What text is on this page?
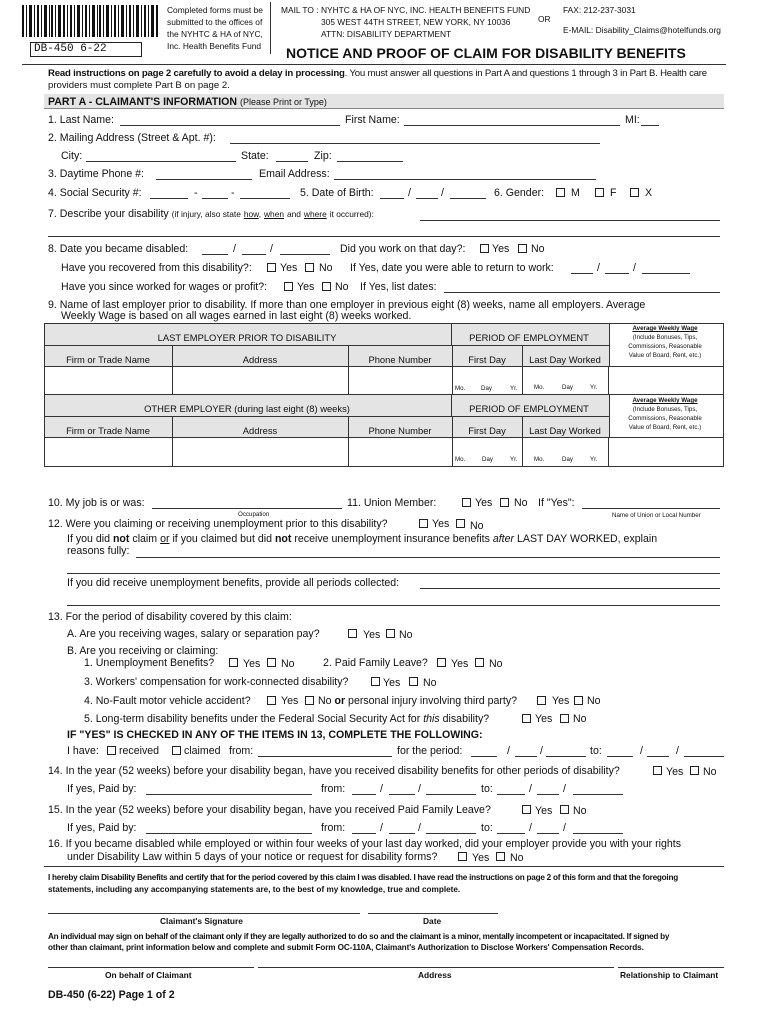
DB-450 6-22
Completed forms must be
submitted to the offices of
the NYHTC & HA of NYC,
Inc. Health Benefits Fund
MAIL TO : NYHTC & HA OF NYC, INC. HEALTH BENEFITS FUND
305 WEST 44TH STREET, NEW YORK, NY 10036
ATTN: DISABILITY DEPARTMENT
OR
FAX: 212-237-3031
E-MAIL: Disability_Claims@hotelfunds.org
NOTICE AND PROOF OF CLAIM FOR DISABILITY BENEFITS
Read instructions on page 2 carefully to avoid a delay in processing. You must answer all questions in Part A and questions 1 through 3 in Part B. Health care
providers must complete Part B on page 2.
PART A - CLAIMANT'S INFORMATION (Please Print or Type)
1. Last Name:	First Name:	MI:
2. Mailing Address (Street & Apt. #):
City:	State:	Zip:
3. Daytime Phone #:	Email Address:
4. Social Security #:	-	-	5. Date of Birth:	/	/	6. Gender:	M	F	X
7. Describe your disability (if injury, also state how, when and where it occurred):
8. Date you became disabled:	/	/	Did you work on that day?:	Yes No
Have you recovered from this disability?:	Yes No If Yes, date you were able to return to work:	/	/
Have you since worked for wages or profit?:	Yes No If Yes, list dates:
9. Name of last employer prior to disability. If more than one employer in previous eight (8) weeks, name all employers. Average
Weekly Wage is based on all wages earned in last eight (8) weeks worked.
LAST EMPLOYER PRIOR TO DISABILITY	PERIOD OF EMPLOYMENT
Average Weekly Wage
(Include Bonuses, Tips,
Commissions, Reasonable
Value of Board, Rent, etc.)
Firm or Trade Name	Address	Phone Number	First Day	Last Day Worked
Mo.	Day	Yr.	Mo.	Day	Yr.
OTHER EMPLOYER (during last eight (8) weeks)	PERIOD OF EMPLOYMENT
Average Weekly Wage
(Include Bonuses, Tips,
Commissions, Reasonable
Value of Board, Rent, etc.)
Firm or Trade Name	Address	Phone Number	First Day	Last Day Worked
Mo.	Day	Yr.	Mo.	Day	Yr.
10. My job is or was:
Occupation
11. Union Member:	Yes No If "Yes":
Name of Union or Local Number
12. Were you claiming or receiving unemployment prior to this disability?	Yes No
If you did not claim or if you claimed but did not receive unemployment insurance benefits after LAST DAY WORKED, explain
reasons fully:
If you did receive unemployment benefits, provide all periods collected:
13. For the period of disability covered by this claim:
A. Are you receiving wages, salary or separation pay?	Yes No
B. Are you receiving or claiming:
1. Unemployment Benefits?	Yes No	2. Paid Family Leave? Yes No
3. Workers' compensation for work-connected disability?	Yes No
4. No-Fault motor vehicle accident?	Yes No or personal injury involving third party?	Yes No
5. Long-term disability benefits under the Federal Social Security Act for this disability?	Yes No
IF "YES" IS CHECKED IN ANY OF THE ITEMS IN 13, COMPLETE THE FOLLOWING:
I have: received claimed from:	for the period:	/	/	to:	/	/
14. In the year (52 weeks) before your disability began, have you received disability benefits for other periods of disability?	Yes No
If yes, Paid by:	from:	/	/	to:	/	/
15. In the year (52 weeks) before your disability began, have you received Paid Family Leave?	Yes No
If yes, Paid by:	from:	/	/	to:	/	/
16. If you became disabled while employed or within four weeks of your last day worked, did your employer provide you with your rights
under Disability Law within 5 days of your notice or request for disability forms?	Yes No
I hereby claim Disability Benefits and certify that for the period covered by this claim I was disabled. I have read the instructions on page 2 of this form and that the foregoing
statements, including any accompanying statements are, to the best of my knowledge, true and complete.
Claimant's Signature	Date
An individual may sign on behalf of the claimant only if they are legally authorized to do so and the claimant is a minor, mentally incompetent or incapacitated. If signed by
other than claimant, print information below and complete and submit Form OC-110A, Claimant's Authorization to Disclose Workers' Compensation Records.
On behalf of Claimant	Address	Relationship to Claimant
DB-450 (6-22) Page 1 of 2
